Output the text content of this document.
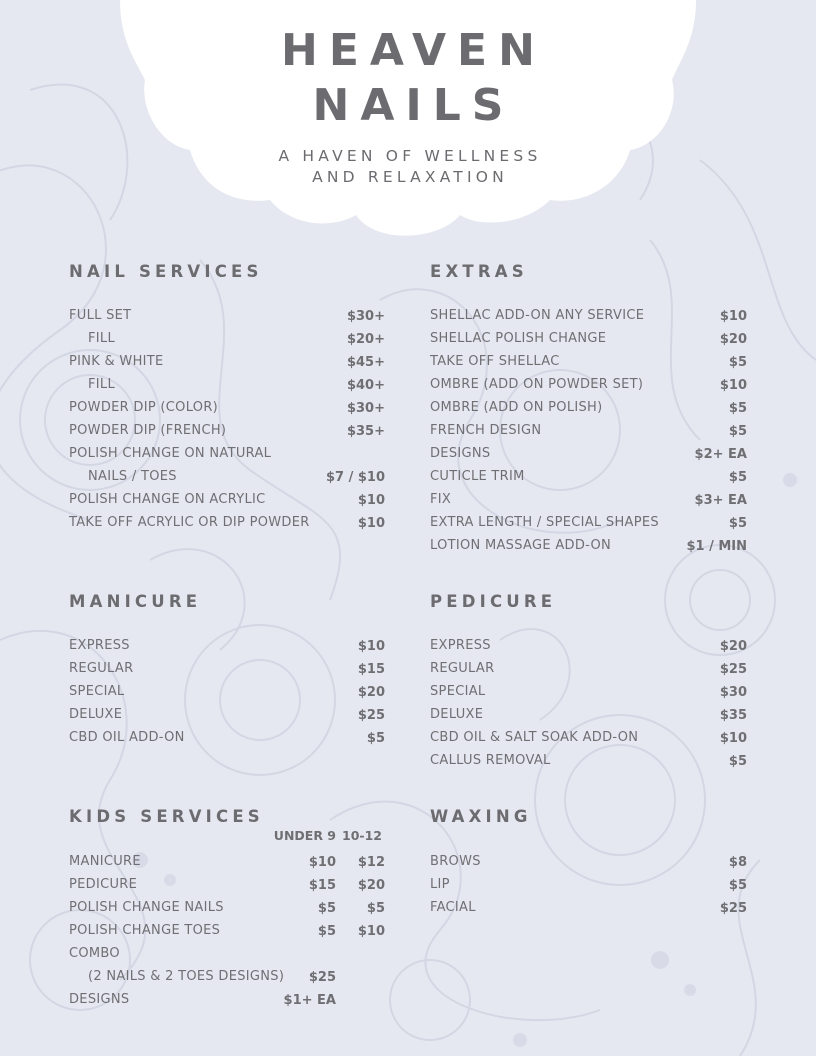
HEAVEN
NAILS
A HAVEN OF WELLNESS
AND RELAXATION
NAIL SERVICES
FULL SET	$30+
FILL	$20+
PINK & WHITE	$45+
FILL	$40+
POWDER DIP (COLOR)	$30+
POWDER DIP (FRENCH)	$35+
POLISH CHANGE ON NATURAL
NAILS / TOES	$7 / $10
POLISH CHANGE ON ACRYLIC	$10
TAKE OFF ACRYLIC OR DIP POWDER	$10
EXTRAS
SHELLAC ADD-ON ANY SERVICE	$10
SHELLAC POLISH CHANGE	$20
TAKE OFF SHELLAC	$5
OMBRE (ADD ON POWDER SET)	$10
OMBRE (ADD ON POLISH)	$5
FRENCH DESIGN	$5
DESIGNS	$2+ EA
CUTICLE TRIM	$5
FIX	$3+ EA
EXTRA LENGTH / SPECIAL SHAPES	$5
LOTION MASSAGE ADD-ON	$1 / MIN
MANICURE
EXPRESS	$10
REGULAR	$15
SPECIAL	$20
DELUXE	$25
CBD OIL ADD-ON	$5
PEDICURE
EXPRESS	$20
REGULAR	$25
SPECIAL	$30
DELUXE	$35
CBD OIL & SALT SOAK ADD-ON	$10
CALLUS REMOVAL	$5
KIDS SERVICES
UNDER 9 10-12
MANICURE	$10	$12
PEDICURE	$15	$20
POLISH CHANGE NAILS	$5	$5
POLISH CHANGE TOES	$5	$10
COMBO
(2 NAILS & 2 TOES DESIGNS)	$25
DESIGNS	$1+ EA
WAXING
BROWS	$8
LIP	$5
FACIAL	$25
